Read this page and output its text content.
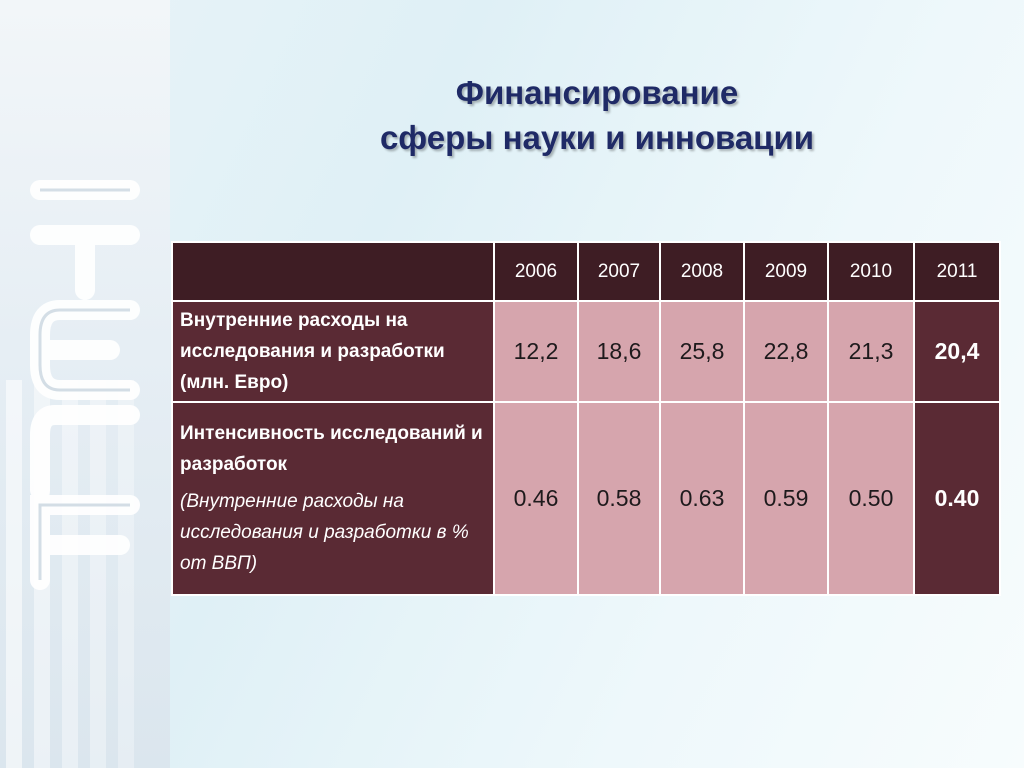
Финансирование
сферы науки и инновации
	2006	2007	2008	2009	2010	2011
Внутренние расходы на исследования и разработки (млн. Евро)	12,2	18,6	25,8	22,8	21,3	20,4

Интенсивность исследований и разработок
(Внутренние расходы на исследования и разработки в % от ВВП)	0.46	0.58	0.63	0.59	0.50	0.40
